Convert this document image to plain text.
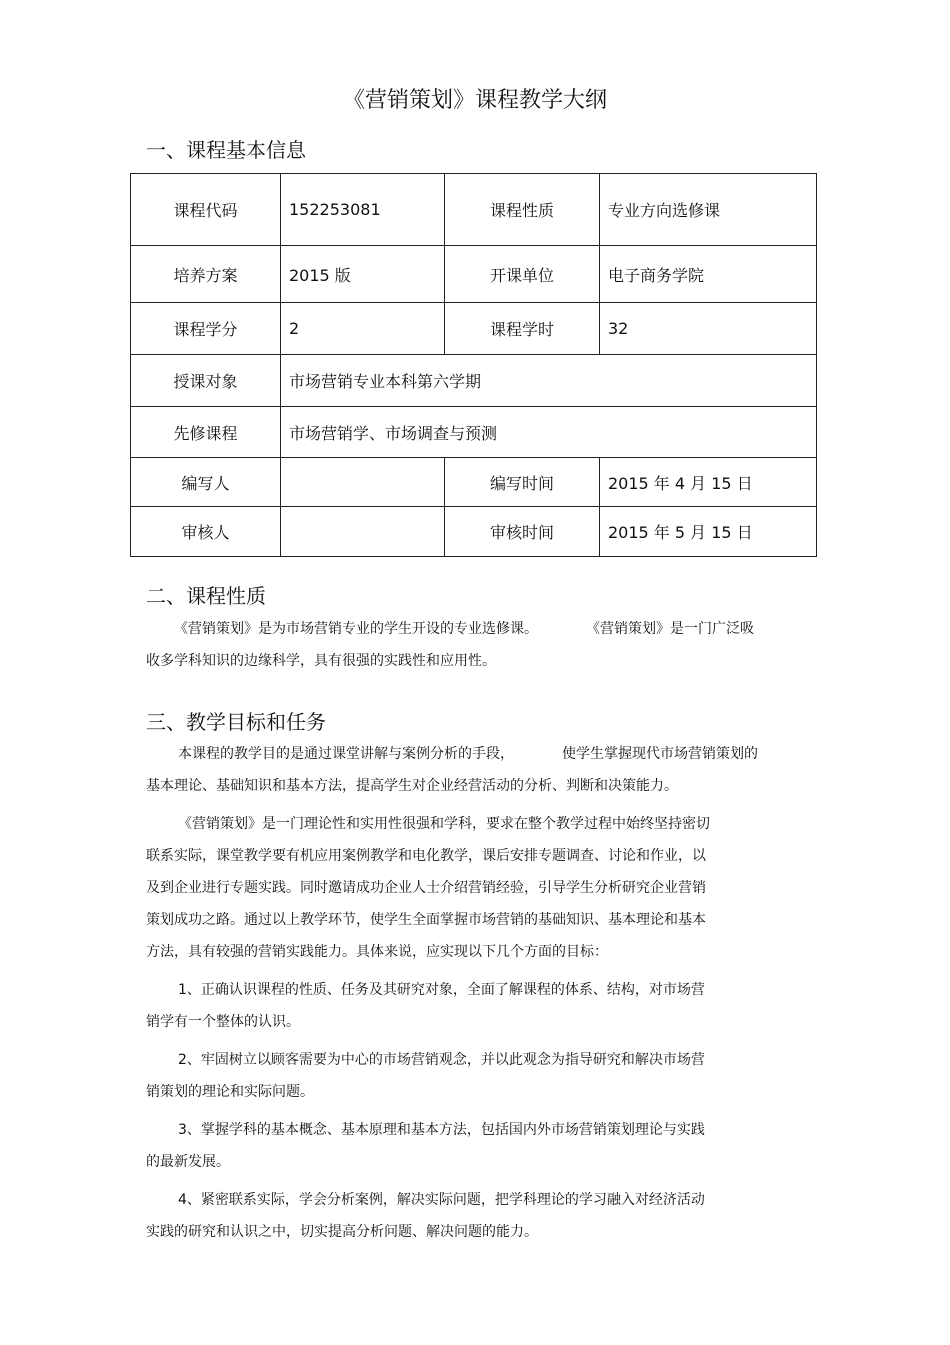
《营销策划》课程教学大纲
一、课程基本信息
课程代码	152253081	课程性质	专业方向选修课
培养方案	2015 版	开课单位	电子商务学院
课程学分	2	课程学时	32
授课对象	市场营销专业本科第六学期		
先修课程	市场营销学、市场调查与预测		
编写人		编写时间	2015 年 4 月 15 日
审核人		审核时间	2015 年 5 月 15 日
二、课程性质

《营销策划》是为市场营销专业的学生开设的专业选修课。	《营销策划》是一门广泛吸

收多学科知识的边缘科学，具有很强的实践性和应用性。

三、教学目标和任务

本课程的教学目的是通过课堂讲解与案例分析的手段，	使学生掌握现代市场营销策划的

基本理论、基础知识和基本方法，提高学生对企业经营活动的分析、判断和决策能力。

《营销策划》是一门理论性和实用性很强和学科，要求在整个教学过程中始终坚持密切

联系实际，课堂教学要有机应用案例教学和电化教学，课后安排专题调查、讨论和作业，以

及到企业进行专题实践。同时邀请成功企业人士介绍营销经验，引导学生分析研究企业营销

策划成功之路。通过以上教学环节，使学生全面掌握市场营销的基础知识、基本理论和基本

方法，具有较强的营销实践能力。具体来说，应实现以下几个方面的目标：

1、正确认识课程的性质、任务及其研究对象，全面了解课程的体系、结构，对市场营

销学有一个整体的认识。

2、牢固树立以顾客需要为中心的市场营销观念，并以此观念为指导研究和解决市场营

销策划的理论和实际问题。

3、掌握学科的基本概念、基本原理和基本方法，包括国内外市场营销策划理论与实践

的最新发展。

4、紧密联系实际，学会分析案例，解决实际问题，把学科理论的学习融入对经济活动

实践的研究和认识之中，切实提高分析问题、解决问题的能力。
